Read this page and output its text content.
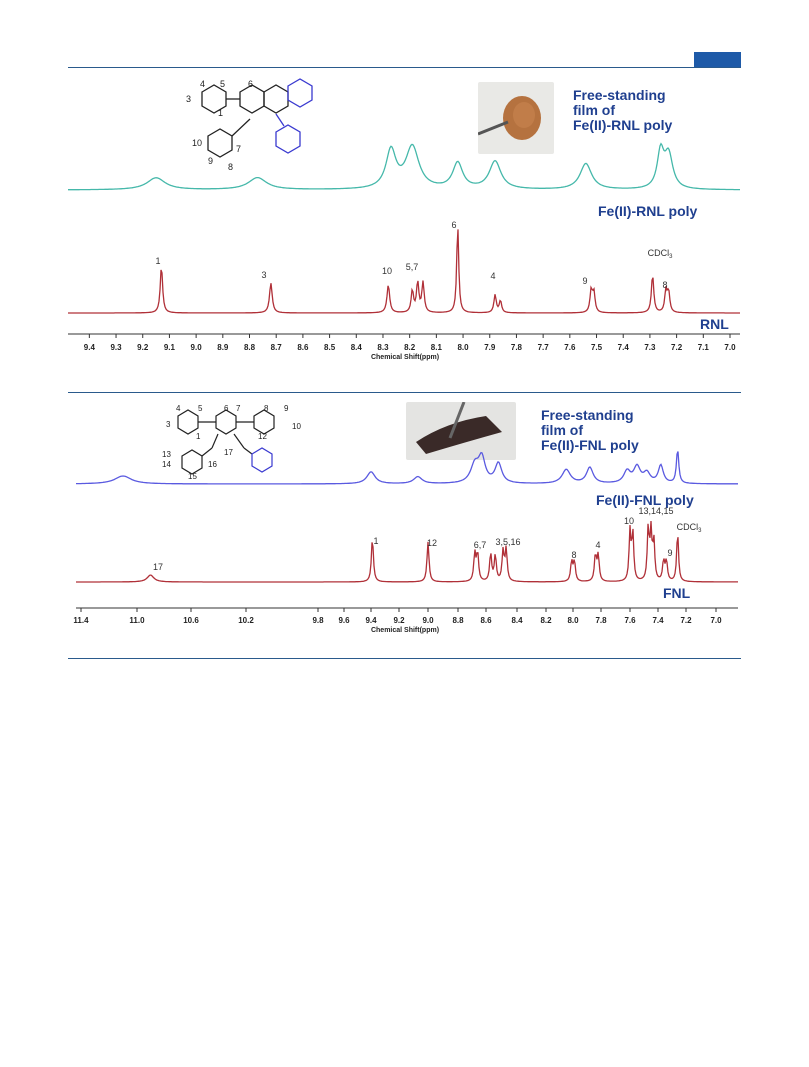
4 5	6
3
1
10
7
9
8
Free-standing
film of
Fe(II)-RNL poly
Fe(II)-RNL poly
RNL
9.4 9.3 9.2 9.1 9.0 8.9 8.8 8.7 8.6 8.5 8.4 8.3 8.2 8.1 8.0 7.9 7.8 7.7 7.6 7.5 7.4 7.3 7.2 7.1 7.0
Chemical Shift(ppm)
1
3	10 5,7
6
4	9
CDCl$_3$
8
4 5	6 7	8 9
3
1	12
10
13	17
14	16
15
Free-standing
film of
Fe(II)-FNL poly
Fe(II)-FNL poly
FNL
11.4	11.0	10.6	10.2	9.8 9.6 9.4 9.2 9.0 8.8 8.6 8.4 8.2 8.0 7.8 7.6 7.4 7.2 7.0
Chemical Shift(ppm)
17
1	12	6,7 3,5,16
8
4
10
13,14,15
9
CDCl$_3$
